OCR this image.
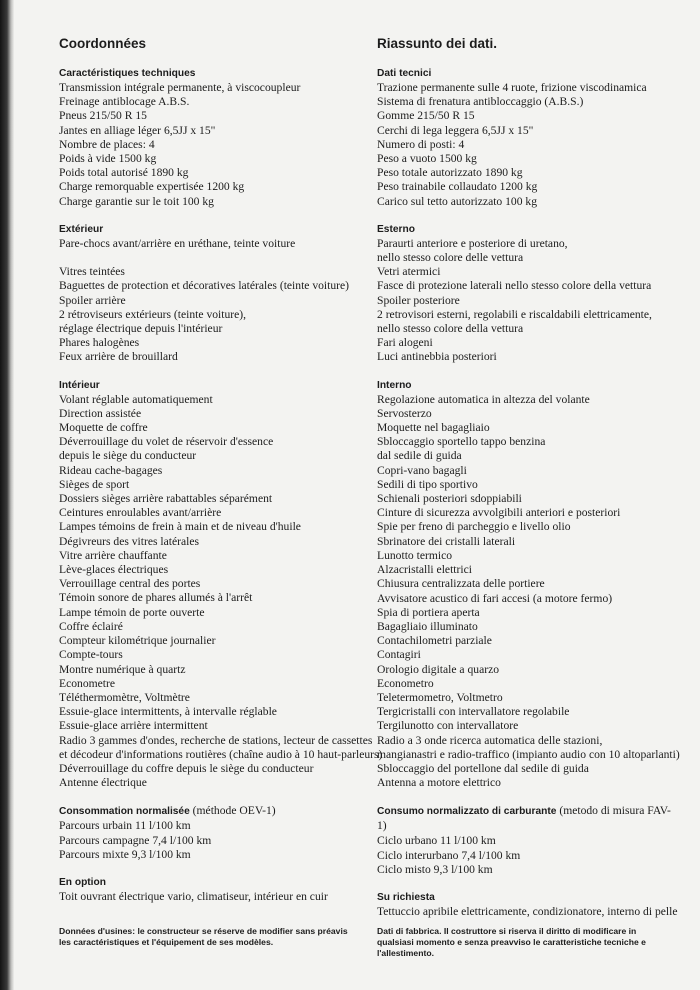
Coordonnées
Caractéristiques techniques
Transmission intégrale permanente, à viscocoupleur
Freinage antiblocage A.B.S.
Pneus 215/50 R 15
Jantes en alliage léger 6,5JJ x 15"
Nombre de places: 4
Poids à vide 1500 kg
Poids total autorisé 1890 kg
Charge remorquable expertisée 1200 kg
Charge garantie sur le toit 100 kg
Extérieur
Pare-chocs avant/arrière en uréthane, teinte voiture
Vitres teintées
Baguettes de protection et décoratives latérales (teinte voiture)
Spoiler arrière
2 rétroviseurs extérieurs (teinte voiture),
réglage électrique depuis l'intérieur
Phares halogènes
Feux arrière de brouillard
Intérieur
Volant réglable automatiquement
Direction assistée
Moquette de coffre
Déverrouillage du volet de réservoir d'essence
depuis le siège du conducteur
Rideau cache-bagages
Sièges de sport
Dossiers sièges arrière rabattables séparément
Ceintures enroulables avant/arrière
Lampes témoins de frein à main et de niveau d'huile
Dégivreurs des vitres latérales
Vitre arrière chauffante
Lève-glaces électriques
Verrouillage central des portes
Témoin sonore de phares allumés à l'arrêt
Lampe témoin de porte ouverte
Coffre éclairé
Compteur kilométrique journalier
Compte-tours
Montre numérique à quartz
Econometre
Téléthermomètre, Voltmètre
Essuie-glace intermittents, à intervalle réglable
Essuie-glace arrière intermittent
Radio 3 gammes d'ondes, recherche de stations, lecteur de cassettes
et décodeur d'informations routières (chaîne audio à 10 haut-parleurs)
Déverrouillage du coffre depuis le siège du conducteur
Antenne électrique
Consommation normalisée (méthode OEV-1)
Parcours urbain 11 l/100 km
Parcours campagne 7,4 l/100 km
Parcours mixte 9,3 l/100 km
En option
Toit ouvrant électrique vario, climatiseur, intérieur en cuir
Riassunto dei dati.
Dati tecnici
Trazione permanente sulle 4 ruote, frizione viscodinamica
Sistema di frenatura antibloccaggio (A.B.S.)
Gomme 215/50 R 15
Cerchi di lega leggera 6,5JJ x 15"
Numero di posti: 4
Peso a vuoto 1500 kg
Peso totale autorizzato 1890 kg
Peso trainabile collaudato 1200 kg
Carico sul tetto autorizzato 100 kg
Esterno
Paraurti anteriore e posteriore di uretano,
nello stesso colore delle vettura
Vetri atermici
Fasce di protezione laterali nello stesso colore della vettura
Spoiler posteriore
2 retrovisori esterni, regolabili e riscaldabili elettricamente,
nello stesso colore della vettura
Fari alogeni
Luci antinebbia posteriori
Interno
Regolazione automatica in altezza del volante
Servosterzo
Moquette nel bagagliaio
Sbloccaggio sportello tappo benzina
dal sedile di guida
Copri-vano bagagli
Sedili di tipo sportivo
Schienali posteriori sdoppiabili
Cinture di sicurezza avvolgibili anteriori e posteriori
Spie per freno di parcheggio e livello olio
Sbrinatore dei cristalli laterali
Lunotto termico
Alzacristalli elettrici
Chiusura centralizzata delle portiere
Avvisatore acustico di fari accesi (a motore fermo)
Spia di portiera aperta
Bagagliaio illuminato
Contachilometri parziale
Contagiri
Orologio digitale a quarzo
Econometro
Teletermometro, Voltmetro
Tergicristalli con intervallatore regolabile
Tergilunotto con intervallatore
Radio a 3 onde ricerca automatica delle stazioni,
mangianastri e radio-traffico (impianto audio con 10 altoparlanti)
Sbloccaggio del portellone dal sedile di guida
Antenna a motore elettrico
Consumo normalizzato di carburante (metodo di misura FAV-1)
Ciclo urbano 11 l/100 km
Ciclo interurbano 7,4 l/100 km
Ciclo misto 9,3 l/100 km
Su richiesta
Tettuccio apribile elettricamente, condizionatore, interno di pelle
Données d'usines: le constructeur se réserve de modifier sans préavis les caractéristiques et l'équipement de ses modèles.
Dati di fabbrica. Il costruttore si riserva il diritto di modificare in qualsiasi momento e senza preavviso le caratteristiche tecniche e l'allestimento.
